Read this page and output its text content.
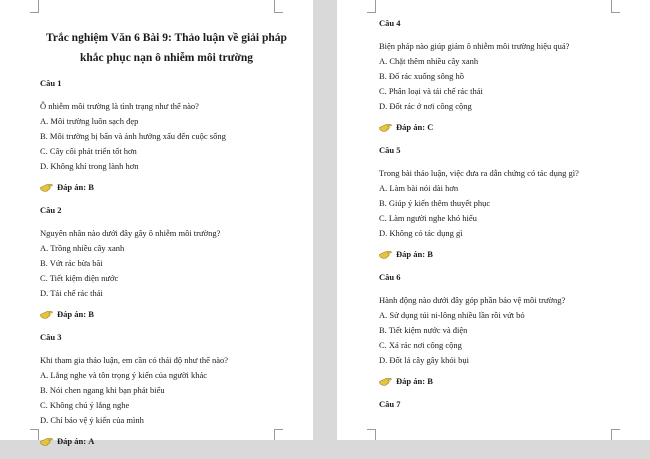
Trắc nghiệm Văn 6 Bài 9: Thảo luận về giải pháp
khắc phục nạn ô nhiễm môi trường
Câu 1
Ô nhiễm môi trường là tình trạng như thế nào?
A. Môi trường luôn sạch đẹp
B. Môi trường bị bẩn và ảnh hưởng xấu đến cuộc sống
C. Cây cối phát triển tốt hơn
D. Không khí trong lành hơn
Đáp án:
B
Câu 2
Nguyên nhân nào dưới đây gây ô nhiễm môi trường?
A. Trồng nhiều cây xanh
B. Vứt rác bừa bãi
C. Tiết kiệm điện nước
D. Tái chế rác thải
Đáp án:
B
Câu 3
Khi tham gia thảo luận, em cần có thái độ như thế nào?
A. Lắng nghe và tôn trọng ý kiến của người khác
B. Nói chen ngang khi bạn phát biểu
C. Không chú ý lắng nghe
D. Chỉ bảo vệ ý kiến của mình
Đáp án:
A
Câu 4
Biện pháp nào giúp giảm ô nhiễm môi trường hiệu quả?
A. Chặt thêm nhiều cây xanh
B. Đổ rác xuống sông hồ
C. Phân loại và tái chế rác thải
D. Đốt rác ở nơi công cộng
Đáp án:
C
Câu 5
Trong bài thảo luận, việc đưa ra dẫn chứng có tác dụng gì?
A. Làm bài nói dài hơn
B. Giúp ý kiến thêm thuyết phục
C. Làm người nghe khó hiểu
D. Không có tác dụng gì
Đáp án:
B
Câu 6
Hành động nào dưới đây góp phần bảo vệ môi trường?
A. Sử dụng túi ni-lông nhiều lần rồi vứt bỏ
B. Tiết kiệm nước và điện
C. Xả rác nơi công cộng
D. Đốt lá cây gây khói bụi
Đáp án:
B
Câu 7
